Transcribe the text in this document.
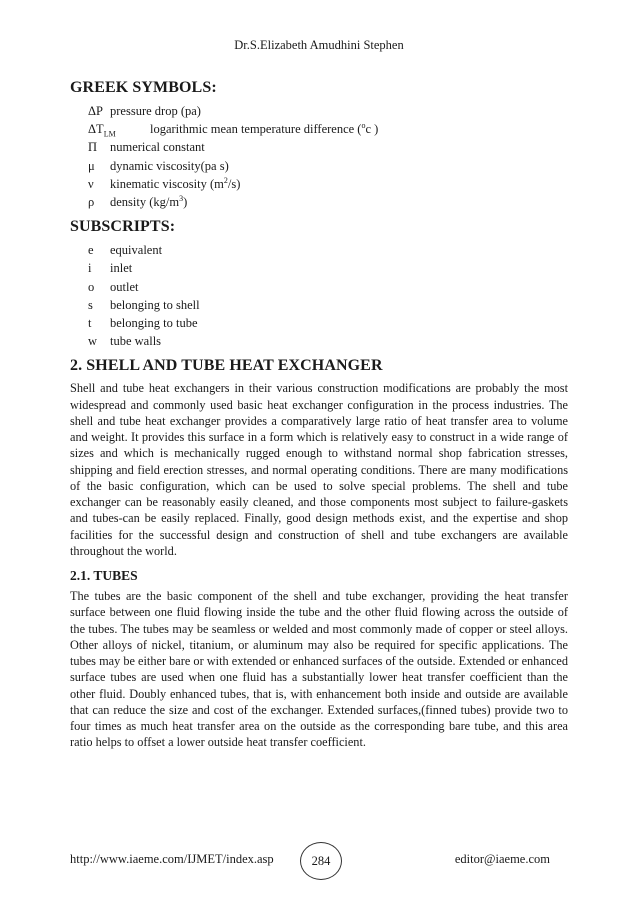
Dr.S.Elizabeth Amudhini Stephen
GREEK SYMBOLS:
ΔP pressure drop (pa)
$\Delta T_{LM}$	logarithmic mean temperature difference ($^o$c )
Π numerical constant
μ dynamic viscosity(pa s)
ν kinematic viscosity $(m^2/s)$
ρ density $(kg/m^3)$
SUBSCRIPTS:
e equivalent
i inlet
o outlet
s belonging to shell
t belonging to tube
w tube walls
2. SHELL AND TUBE HEAT EXCHANGER

Shell and tube heat exchangers in their various construction modifications are probably the most widespread and commonly used basic heat exchanger configuration in the process industries. The shell and tube heat exchanger provides a comparatively large ratio of heat transfer area to volume and weight. It provides this surface in a form which is relatively easy to construct in a wide range of sizes and which is mechanically rugged enough to withstand normal shop fabrication stresses, shipping and field erection stresses, and normal operating conditions. There are many modifications of the basic configuration, which can be used to solve special problems. The shell and tube exchanger can be reasonably easily cleaned, and those components most subject to failure-gaskets and tubes-can be easily replaced. Finally, good design methods exist, and the expertise and shop facilities for the successful design and construction of shell and tube exchangers are available throughout the world.

2.1. TUBES

The tubes are the basic component of the shell and tube exchanger, providing the heat transfer surface between one fluid flowing inside the tube and the other fluid flowing across the outside of the tubes. The tubes may be seamless or welded and most commonly made of copper or steel alloys. Other alloys of nickel, titanium, or aluminum may also be required for specific applications. The tubes may be either bare or with extended or enhanced surfaces of the outside. Extended or enhanced surface tubes are used when one fluid has a substantially lower heat transfer coefficient than the other fluid. Doubly enhanced tubes, that is, with enhancement both inside and outside are available that can reduce the size and cost of the exchanger. Extended surfaces,(finned tubes) provide two to four times as much heat transfer area on the outside as the corresponding bare tube, and this area ratio helps to offset a lower outside heat transfer coefficient.

http://www.iaeme.com/IJMET/index.asp	284	editor@iaeme.com
